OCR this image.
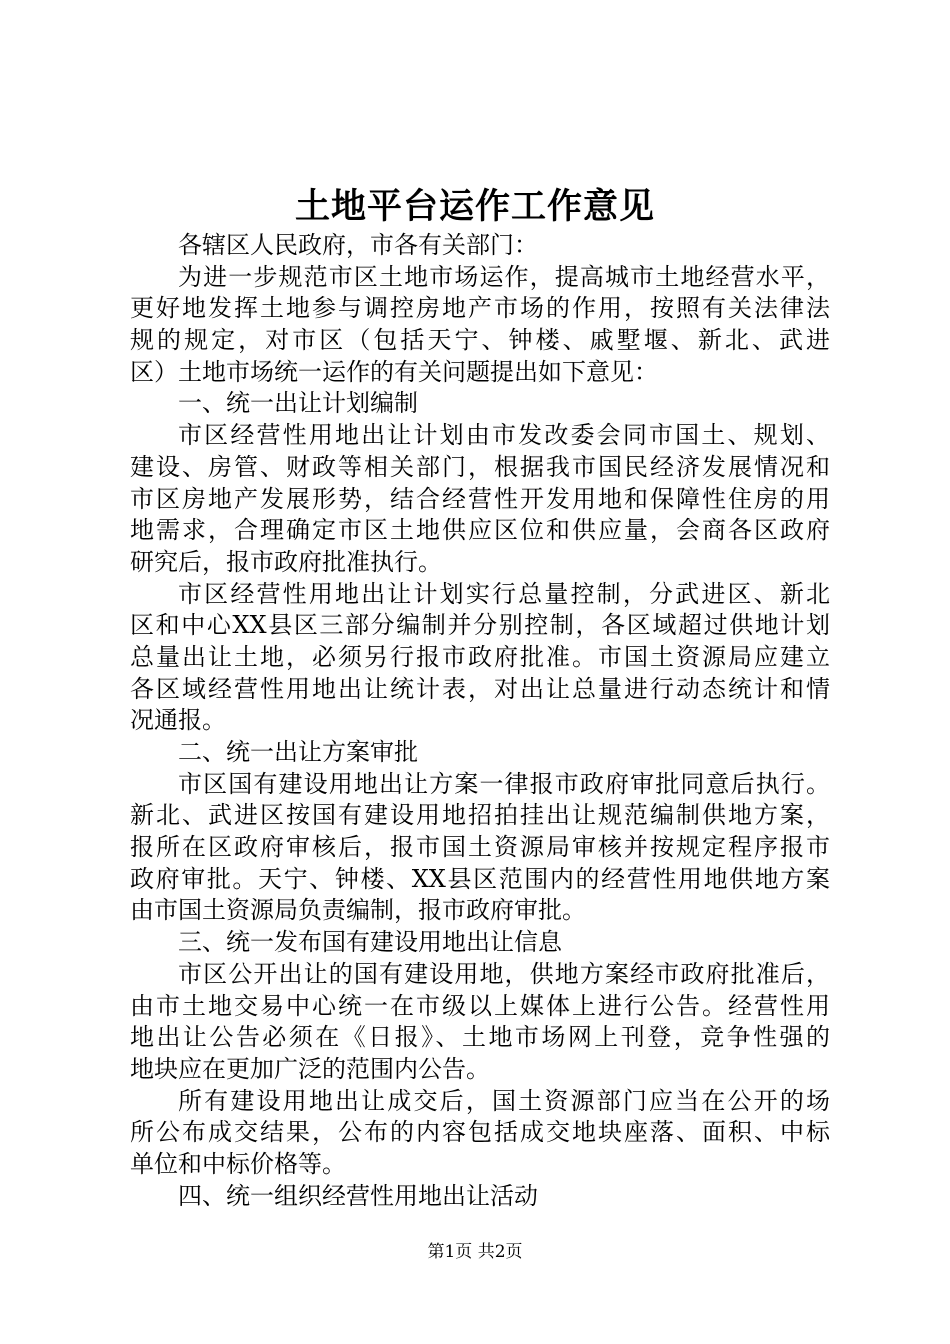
土地平台运作工作意见
各辖区人民政府，市各有关部门：
为进一步规范市区土地市场运作，提高城市土地经营水平，
更好地发挥土地参与调控房地产市场的作用，按照有关法律法
规的规定，对市区（包括天宁、钟楼、戚墅堰、新北、武进
区）土地市场统一运作的有关问题提出如下意见：
一、统一出让计划编制
市区经营性用地出让计划由市发改委会同市国土、规划、
建设、房管、财政等相关部门，根据我市国民经济发展情况和
市区房地产发展形势，结合经营性开发用地和保障性住房的用
地需求，合理确定市区土地供应区位和供应量，会商各区政府
研究后，报市政府批准执行。
市区经营性用地出让计划实行总量控制，分武进区、新北
区和中心XX县区三部分编制并分别控制，各区域超过供地计划
总量出让土地，必须另行报市政府批准。市国土资源局应建立
各区域经营性用地出让统计表，对出让总量进行动态统计和情
况通报。
二、统一出让方案审批
市区国有建设用地出让方案一律报市政府审批同意后执行。
新北、武进区按国有建设用地招拍挂出让规范编制供地方案，
报所在区政府审核后，报市国土资源局审核并按规定程序报市
政府审批。天宁、钟楼、XX县区范围内的经营性用地供地方案
由市国土资源局负责编制，报市政府审批。
三、统一发布国有建设用地出让信息
市区公开出让的国有建设用地，供地方案经市政府批准后，
由市土地交易中心统一在市级以上媒体上进行公告。经营性用
地出让公告必须在《日报》、土地市场网上刊登，竞争性强的
地块应在更加广泛的范围内公告。
所有建设用地出让成交后，国土资源部门应当在公开的场
所公布成交结果，公布的内容包括成交地块座落、面积、中标
单位和中标价格等。
四、统一组织经营性用地出让活动
第1页 共2页
